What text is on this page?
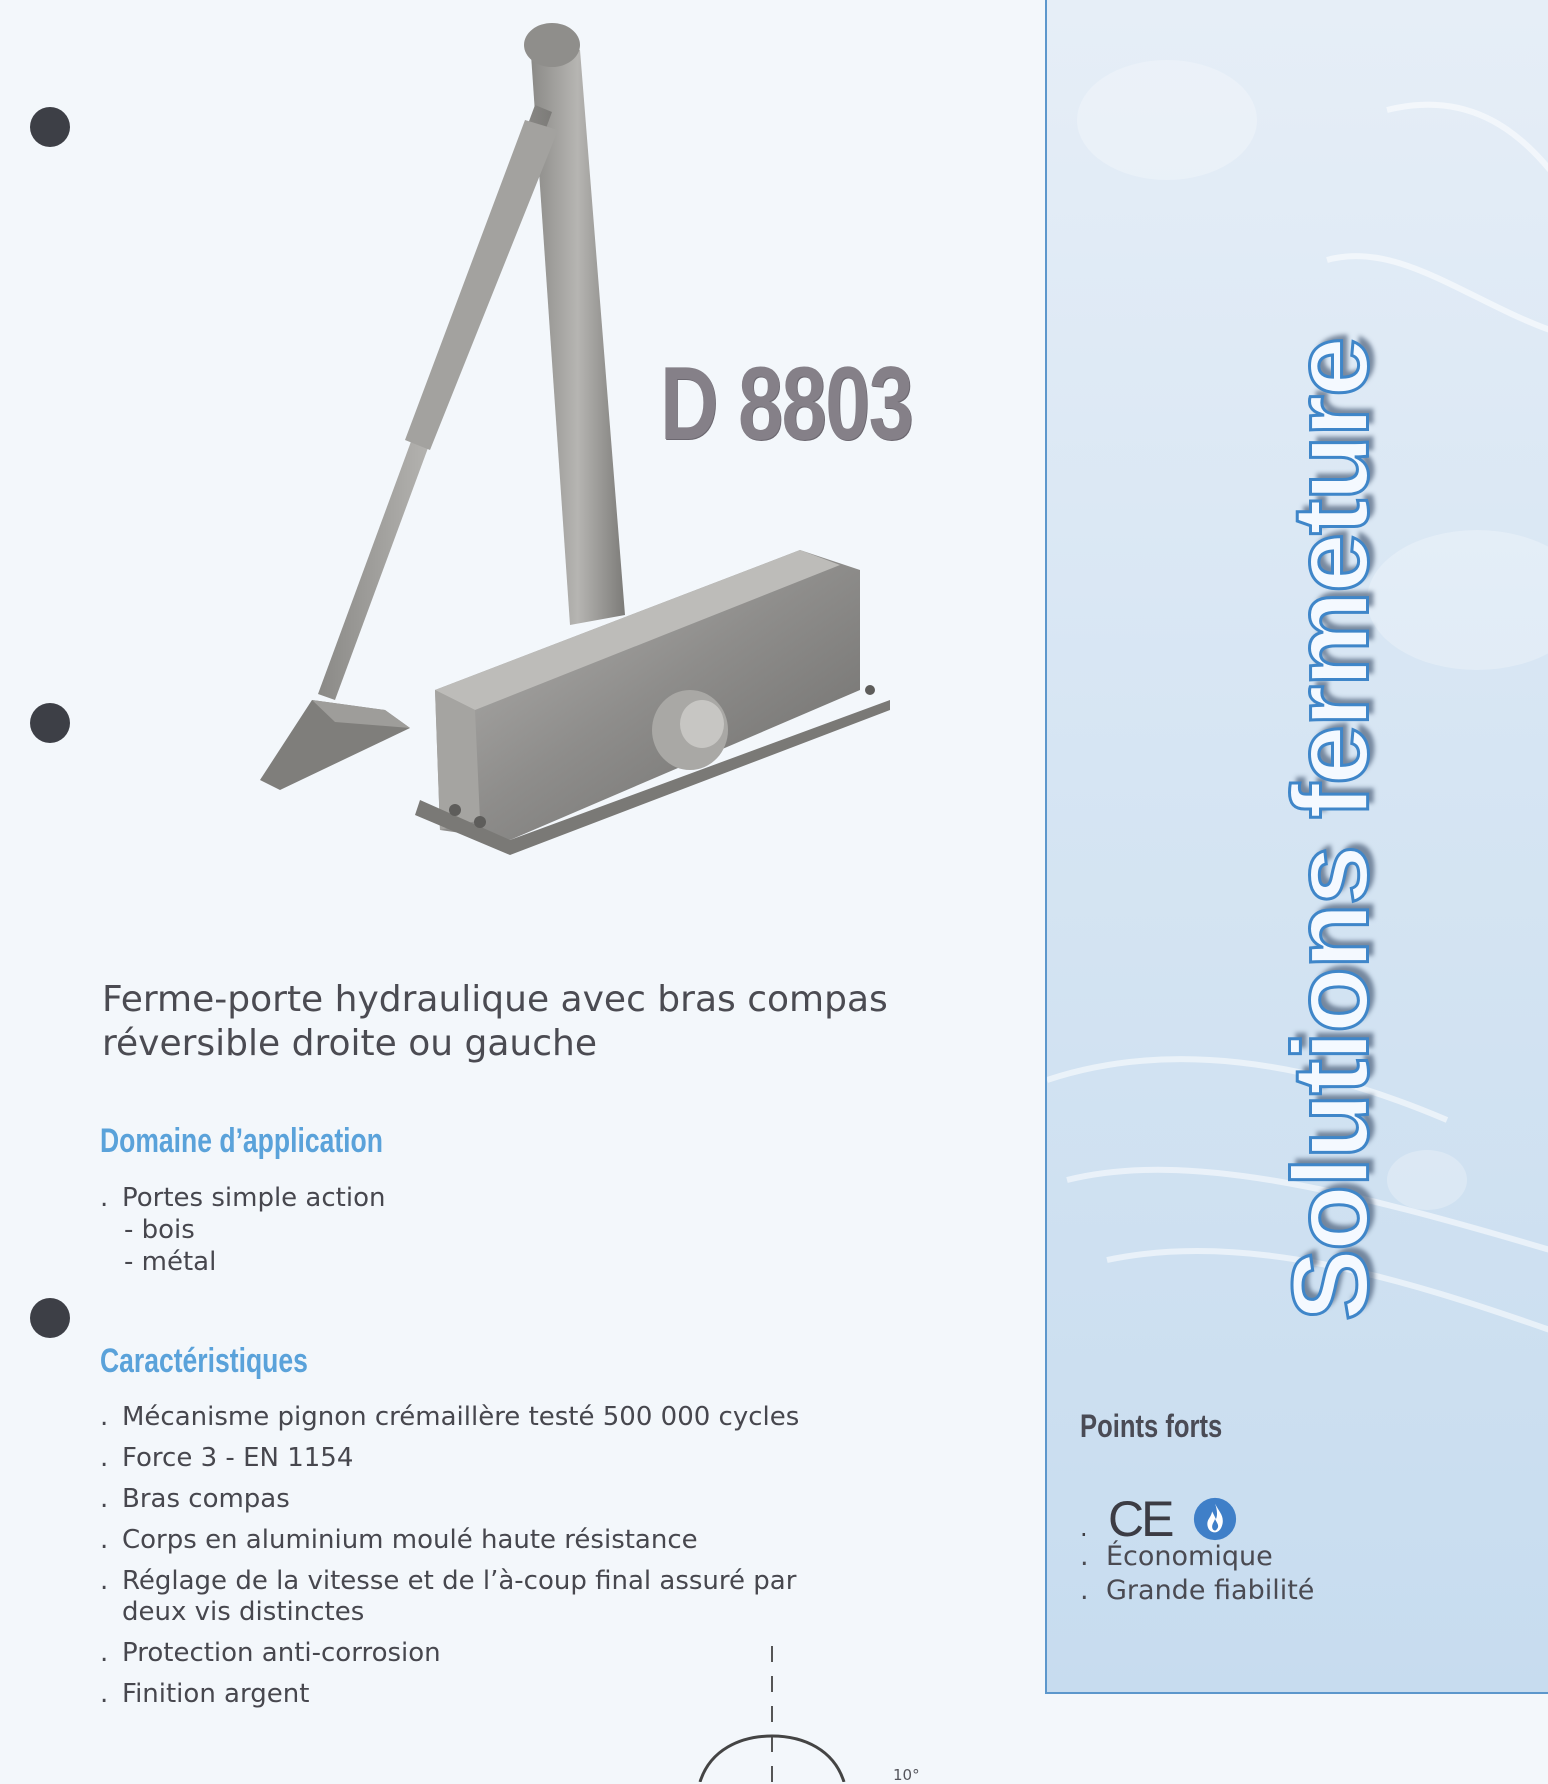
D 8803
Ferme-porte hydraulique avec bras compas
réversible droite ou gauche
Domaine d’application
. Portes simple action
- bois
- métal
Caractéristiques
. Mécanisme pignon crémaillère testé 500 000 cycles
. Force 3 - EN 1154
. Bras compas
. Corps en aluminium moulé haute résistance
. Réglage de la vitesse et de l’à-coup final assuré par
deux vis distinctes
. Protection anti-corrosion
. Finition argent
Solutions fermeture
Points forts
. CE
. Économique
. Grande fiabilité
10°
